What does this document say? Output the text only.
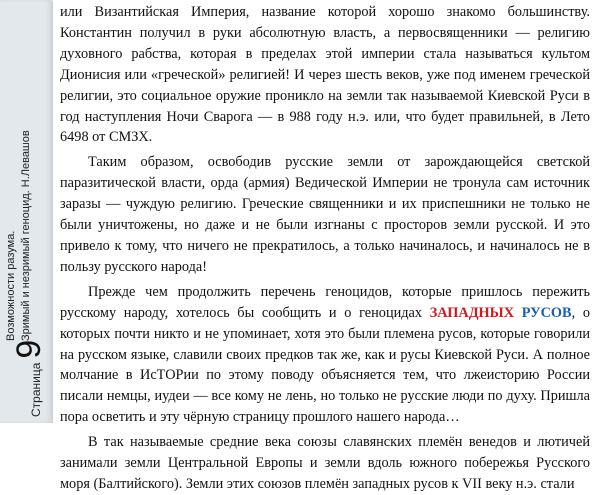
Страница
9
Возможности разума. Зримый и незримый геноцид. Н.Левашов

или Византийская Империя, название которой хорошо знакомо большинству. Константин получил в руки абсолютную власть, а первосвященники — религию духовного рабства, которая в пределах этой империи стала называться культом Дионисия или «греческой» религией! И через шесть веков, уже под именем греческой религии, это социальное оружие проникло на земли так называемой Киевской Руси в год наступления Ночи Сварога — в 988 году н.э. или, что будет правильней, в Лето 6498 от СМЗХ.

Таким образом, освободив русские земли от зарождающейся светской паразитической власти, орда (армия) Ведической Империи не тронула сам источник заразы — чуждую религию. Греческие священники и их приспешники не только не были уничтожены, но даже и не были изгнаны с просторов земли русской. И это привело к тому, что ничего не прекратилось, а только начиналось, и начиналось не в пользу русского народа!

Прежде чем продолжить перечень геноцидов, которые пришлось пережить русскому народу, хотелось бы сообщить и о геноцидах ЗАПАДНЫХ РУСОВ, о которых почти никто и не упоминает, хотя это были племена русов, которые говорили на русском языке, славили своих предков так же, как и русы Киевской Руси. А полное молчание в ИсТОРии по этому поводу объясняется тем, что лжеисторию России писали немцы, иудеи — все кому не лень, но только не русские люди по духу. Пришла пора осветить и эту чёрную страницу прошлого нашего народа…

В так называемые средние века союзы славянских племён венедов и лютичей занимали земли Центральной Европы и земли вдоль южного побережья Русского моря (Балтийского). Земли этих союзов племён западных русов к VII веку н.э. стали
